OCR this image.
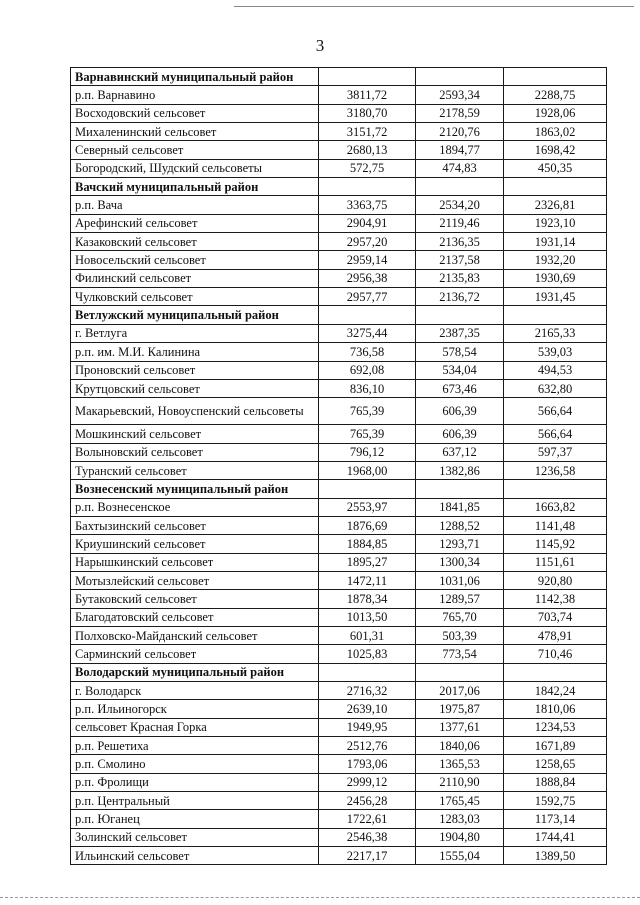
3
Варнавинский муниципальный район			
р.п. Варнавино	3811,72	2593,34	2288,75
Восходовский сельсовет	3180,70	2178,59	1928,06
Михаленинский сельсовет	3151,72	2120,76	1863,02
Северный сельсовет	2680,13	1894,77	1698,42
Богородский, Шудский сельсоветы	572,75	474,83	450,35
Вачский муниципальный район			
р.п. Вача	3363,75	2534,20	2326,81
Арефинский сельсовет	2904,91	2119,46	1923,10
Казаковский сельсовет	2957,20	2136,35	1931,14
Новосельский сельсовет	2959,14	2137,58	1932,20
Филинский сельсовет	2956,38	2135,83	1930,69
Чулковский сельсовет	2957,77	2136,72	1931,45
Ветлужский муниципальный район			
г. Ветлуга	3275,44	2387,35	2165,33
р.п. им. М.И. Калинина	736,58	578,54	539,03
Проновский сельсовет	692,08	534,04	494,53
Крутцовский сельсовет	836,10	673,46	632,80
Макарьевский, Новоуспенский сельсоветы	765,39	606,39	566,64
Мошкинский сельсовет	765,39	606,39	566,64
Волыновский сельсовет	796,12	637,12	597,37
Туранский сельсовет	1968,00	1382,86	1236,58
Вознесенский муниципальный район			
р.п. Вознесенское	2553,97	1841,85	1663,82
Бахтызинский сельсовет	1876,69	1288,52	1141,48
Криушинский сельсовет	1884,85	1293,71	1145,92
Нарышкинский сельсовет	1895,27	1300,34	1151,61
Мотызлейский сельсовет	1472,11	1031,06	920,80
Бутаковский сельсовет	1878,34	1289,57	1142,38
Благодатовский сельсовет	1013,50	765,70	703,74
Полховско-Майданский сельсовет	601,31	503,39	478,91
Сарминский сельсовет	1025,83	773,54	710,46
Володарский муниципальный район			
г. Володарск	2716,32	2017,06	1842,24
р.п. Ильиногорск	2639,10	1975,87	1810,06
сельсовет Красная Горка	1949,95	1377,61	1234,53
р.п. Решетиха	2512,76	1840,06	1671,89
р.п. Смолино	1793,06	1365,53	1258,65
р.п. Фролищи	2999,12	2110,90	1888,84
р.п. Центральный	2456,28	1765,45	1592,75
р.п. Юганец	1722,61	1283,03	1173,14
Золинский сельсовет	2546,38	1904,80	1744,41
Ильинский сельсовет	2217,17	1555,04	1389,50
